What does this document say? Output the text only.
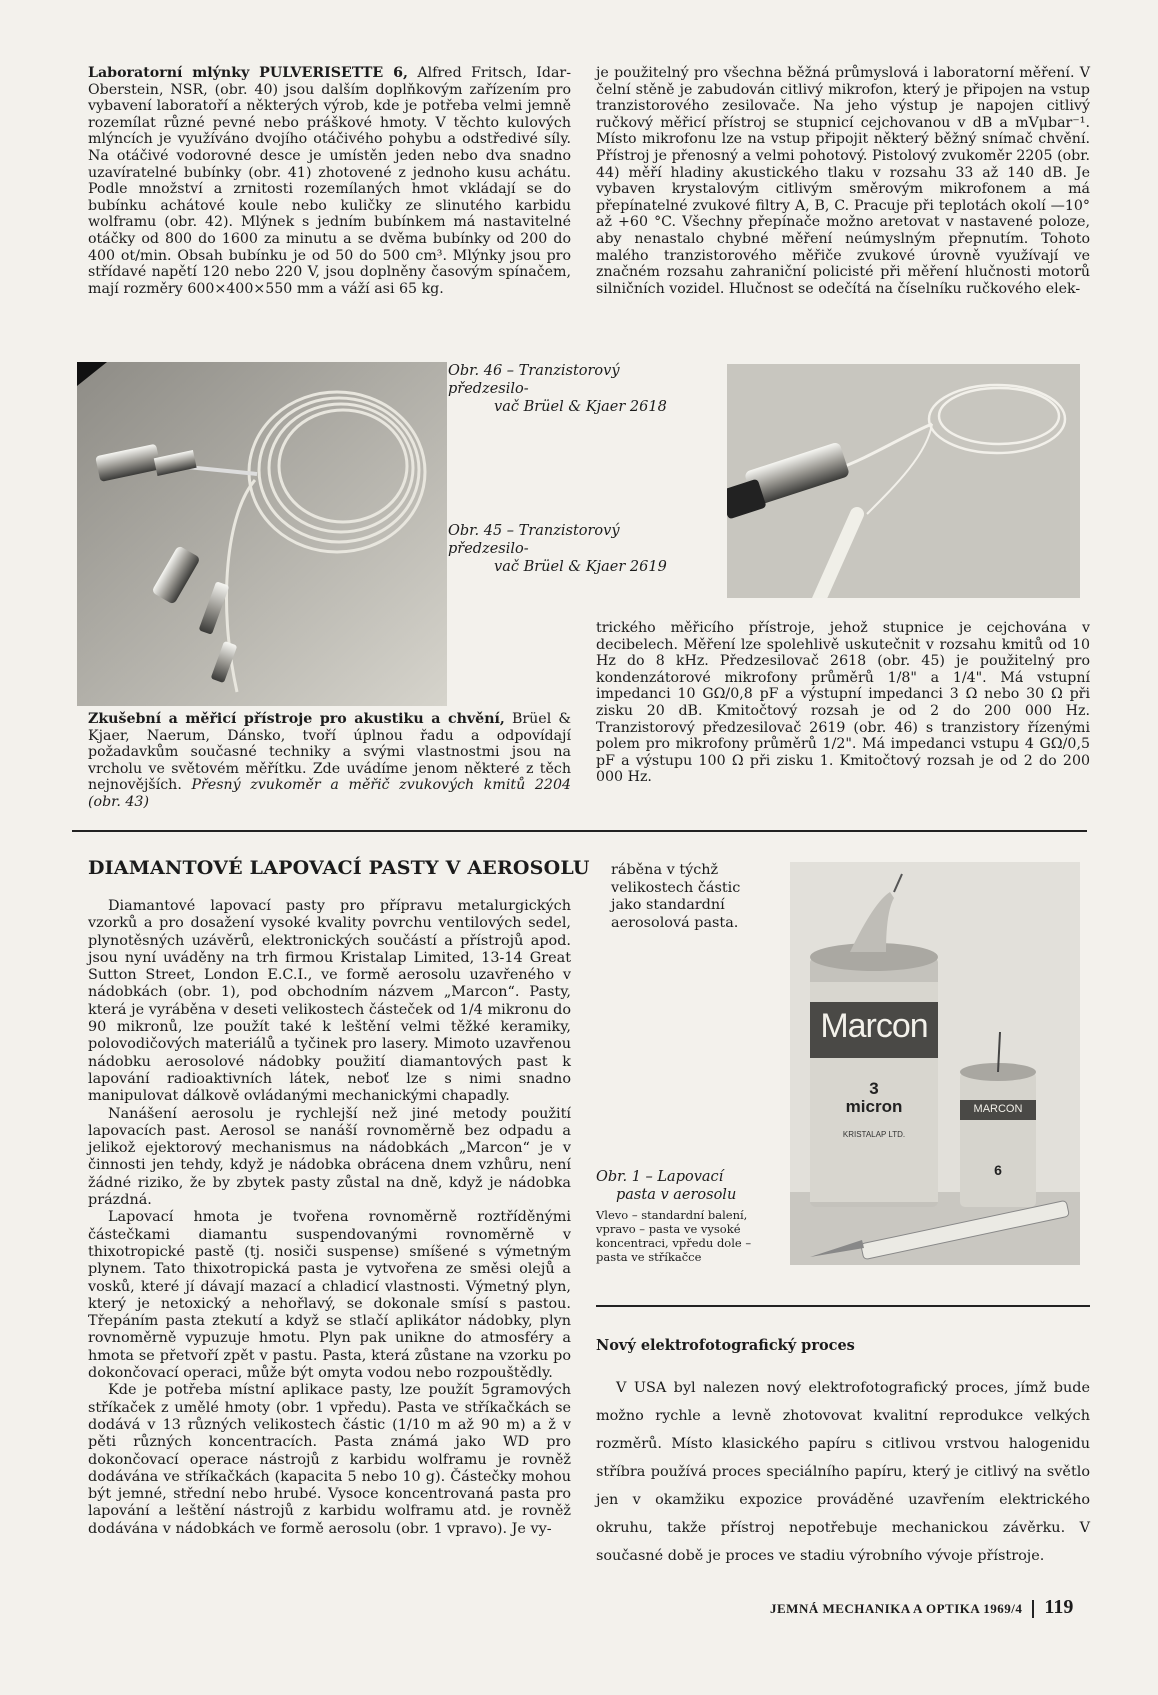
Laboratorní mlýnky PULVERISETTE 6, Alfred Fritsch, Idar-Oberstein, NSR, (obr. 40) jsou dalším doplňkovým zařízením pro vybavení laboratoří a některých výrob, kde je potřeba velmi jemně rozemílat různé pevné nebo práškové hmoty. V těchto kulových mlýncích je využíváno dvojího otáčivého pohybu a odstředivé síly. Na otáčivé vodorovné desce je umístěn jeden nebo dva snadno uzavíratelné bubínky (obr. 41) zhotovené z jednoho kusu achátu. Podle množství a zrnitosti rozemílaných hmot vkládají se do bubínku achátové koule nebo kuličky ze slinutého karbidu wolframu (obr. 42). Mlýnek s jedním bubínkem má nastavitelné otáčky od 800 do 1600 za minutu a se dvěma bubínky od 200 do 400 ot/min. Obsah bubínku je od 50 do 500 cm³. Mlýnky jsou pro střídavé napětí 120 nebo 220 V, jsou doplněny časovým spínačem, mají rozměry 600×400×550 mm a váží asi 65 kg.
je použitelný pro všechna běžná průmyslová i laboratorní měření. V čelní stěně je zabudován citlivý mikrofon, který je připojen na vstup tranzistorového zesilovače. Na jeho výstup je napojen citlivý ručkový měřicí přístroj se stupnicí cejchovanou v dB a mVμbar⁻¹. Místo mikrofonu lze na vstup připojit některý běžný snímač chvění. Přístroj je přenosný a velmi pohotový. Pistolový zvukoměr 2205 (obr. 44) měří hladiny akustického tlaku v rozsahu 33 až 140 dB. Je vybaven krystalovým citlivým směrovým mikrofonem a má přepínatelné zvukové filtry A, B, C. Pracuje při teplotách okolí —10° až +60 °C. Všechny přepínače možno aretovat v nastavené poloze, aby nenastalo chybné měření neúmyslným přepnutím. Tohoto malého tranzistorového měřiče zvukové úrovně využívají ve značném rozsahu zahraniční policisté při měření hlučnosti motorů silničních vozidel. Hlučnost se odečítá na číselníku ručkového elek-
Obr. 46 – Tranzistorový předzesilo-
vač Brüel & Kjaer 2618
Obr. 45 – Tranzistorový předzesilo-
vač Brüel & Kjaer 2619
Zkušební a měřicí přístroje pro akustiku a chvění, Brüel & Kjaer, Naerum, Dánsko, tvoří úplnou řadu a odpovídají požadavkům současné techniky a svými vlastnostmi jsou na vrcholu ve světovém měřítku. Zde uvádíme jenom některé z těch nejnovějších. Přesný zvukoměr a měřič zvukových kmitů 2204 (obr. 43)
trického měřicího přístroje, jehož stupnice je cejchována v decibelech. Měření lze spolehlivě uskutečnit v rozsahu kmitů od 10 Hz do 8 kHz. Předzesilovač 2618 (obr. 45) je použitelný pro kondenzátorové mikrofony průměrů 1/8" a 1/4". Má vstupní impedanci 10 GΩ/0,8 pF a výstupní impedanci 3 Ω nebo 30 Ω při zisku 20 dB. Kmitočtový rozsah je od 2 do 200 000 Hz. Tranzistorový předzesilovač 2619 (obr. 46) s tranzistory řízenými polem pro mikrofony průměrů 1/2". Má impedanci vstupu 4 GΩ/0,5 pF a výstupu 100 Ω při zisku 1. Kmitočtový rozsah je od 2 do 200 000 Hz.
DIAMANTOVÉ LAPOVACÍ PASTY V AEROSOLU

Diamantové lapovací pasty pro přípravu metalurgických vzorků a pro dosažení vysoké kvality povrchu ventilových sedel, plynotěsných uzávěrů, elektronických součástí a přístrojů apod. jsou nyní uváděny na trh firmou Kristalap Limited, 13-14 Great Sutton Street, London E.C.I., ve formě aerosolu uzavřeného v nádobkách (obr. 1), pod obchodním názvem „Marcon“. Pasty, která je vyráběna v deseti velikostech částeček od 1/4 mikronu do 90 mikronů, lze použít také k leštění velmi těžké keramiky, polovodičových materiálů a tyčinek pro lasery. Mimoto uzavřenou nádobku aerosolové nádobky použití diamantových past k lapování radioaktivních látek, neboť lze s nimi snadno manipulovat dálkově ovládanými mechanickými chapadly.

Nanášení aerosolu je rychlejší než jiné metody použití lapovacích past. Aerosol se nanáší rovnoměrně bez odpadu a jelikož ejektorový mechanismus na nádobkách „Marcon“ je v činnosti jen tehdy, když je nádobka obrácena dnem vzhůru, není žádné riziko, že by zbytek pasty zůstal na dně, když je nádobka prázdná.

Lapovací hmota je tvořena rovnoměrně roztříděnými částečkami diamantu suspendovanými rovnoměrně v thixotropické pastě (tj. nosiči suspense) smíšené s výmetným plynem. Tato thixotropická pasta je vytvořena ze směsi olejů a vosků, které jí dávají mazací a chladicí vlastnosti. Výmetný plyn, který je netoxický a nehořlavý, se dokonale smísí s pastou. Třepáním pasta ztekutí a když se stlačí aplikátor nádobky, plyn rovnoměrně vypuzuje hmotu. Plyn pak unikne do atmosféry a hmota se přetvoří zpět v pastu. Pasta, která zůstane na vzorku po dokončovací operaci, může být omyta vodou nebo rozpouštědly.

Kde je potřeba místní aplikace pasty, lze použít 5gramových stříkaček z umělé hmoty (obr. 1 vpředu). Pasta ve stříkačkách se dodává v 13 různých velikostech částic (1/10 m až 90 m) a ž v pěti různých koncentracích. Pasta známá jako WD pro dokončovací operace nástrojů z karbidu wolframu je rovněž dodávána ve stříkačkách (kapacita 5 nebo 10 g). Částečky mohou být jemné, střední nebo hrubé. Vysoce koncentrovaná pasta pro lapování a leštění nástrojů z karbidu wolframu atd. je rovněž dodávána v nádobkách ve formě aerosolu (obr. 1 vpravo). Je vy-

ráběna v týchž velikostech částic jako standardní aerosolová pasta.
Marcon
3
micron
KRISTALAP LTD.
MARCON
6
Obr. 1 – Lapovací
pasta v aerosolu
Vlevo – standardní balení, vpravo – pasta ve vysoké koncentraci, vpředu dole – pasta ve stříkačce
Nový elektrofotografický proces

V USA byl nalezen nový elektrofotografický proces, jímž bude možno rychle a levně zhotovovat kvalitní reprodukce velkých rozměrů. Místo klasického papíru s citlivou vrstvou halogenidu stříbra používá proces speciálního papíru, který je citlivý na světlo jen v okamžiku expozice prováděné uzavřením elektrického okruhu, takže přístroj nepotřebuje mechanickou závěrku. V současné době je proces ve stadiu výrobního vývoje přístroje.

JEMNÁ MECHANIKA A OPTIKA 1969/4 119
